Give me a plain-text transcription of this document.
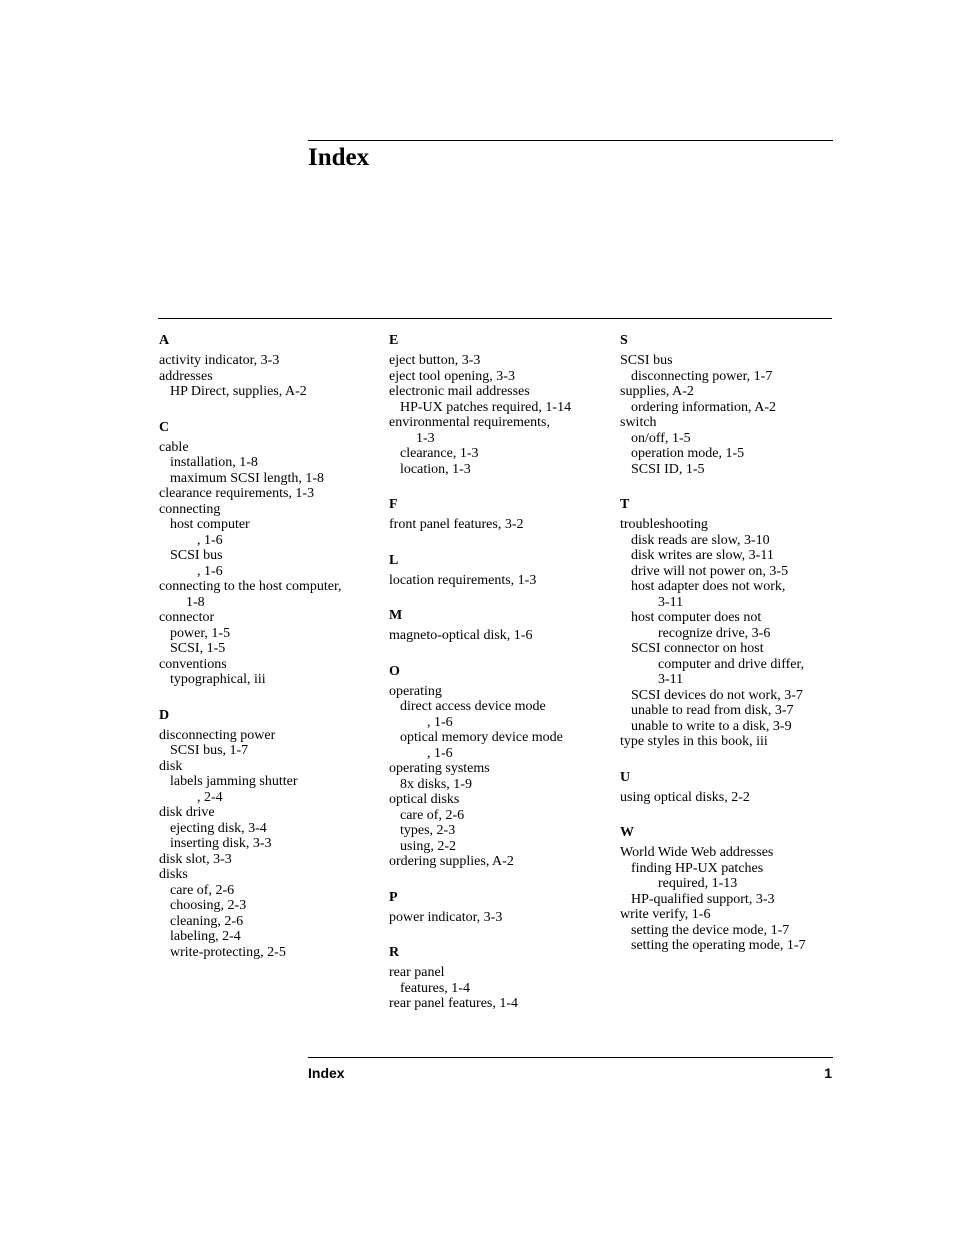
Index
A
activity indicator, 3-3
addresses
HP Direct, supplies, A-2
C
cable
installation, 1-8
maximum SCSI length, 1-8
clearance requirements, 1-3
connecting
host computer
, 1-6
SCSI bus
, 1-6
connecting to the host computer,
1-8
connector
power, 1-5
SCSI, 1-5
conventions
typographical, iii
D
disconnecting power
SCSI bus, 1-7
disk
labels jamming shutter
, 2-4
disk drive
ejecting disk, 3-4
inserting disk, 3-3
disk slot, 3-3
disks
care of, 2-6
choosing, 2-3
cleaning, 2-6
labeling, 2-4
write-protecting, 2-5
E
eject button, 3-3
eject tool opening, 3-3
electronic mail addresses
HP-UX patches required, 1-14
environmental requirements,
1-3
clearance, 1-3
location, 1-3
F
front panel features, 3-2
L
location requirements, 1-3
M
magneto-optical disk, 1-6
O
operating
direct access device mode
, 1-6
optical memory device mode
, 1-6
operating systems
8x disks, 1-9
optical disks
care of, 2-6
types, 2-3
using, 2-2
ordering supplies, A-2
P
power indicator, 3-3
R
rear panel
features, 1-4
rear panel features, 1-4
S
SCSI bus
disconnecting power, 1-7
supplies, A-2
ordering information, A-2
switch
on/off, 1-5
operation mode, 1-5
SCSI ID, 1-5
T
troubleshooting
disk reads are slow, 3-10
disk writes are slow, 3-11
drive will not power on, 3-5
host adapter does not work,
3-11
host computer does not
recognize drive, 3-6
SCSI connector on host
computer and drive differ,
3-11
SCSI devices do not work, 3-7
unable to read from disk, 3-7
unable to write to a disk, 3-9
type styles in this book, iii
U
using optical disks, 2-2
W
World Wide Web addresses
finding HP-UX patches
required, 1-13
HP-qualified support, 3-3
write verify, 1-6
setting the device mode, 1-7
setting the operating mode, 1-7
Index	1
